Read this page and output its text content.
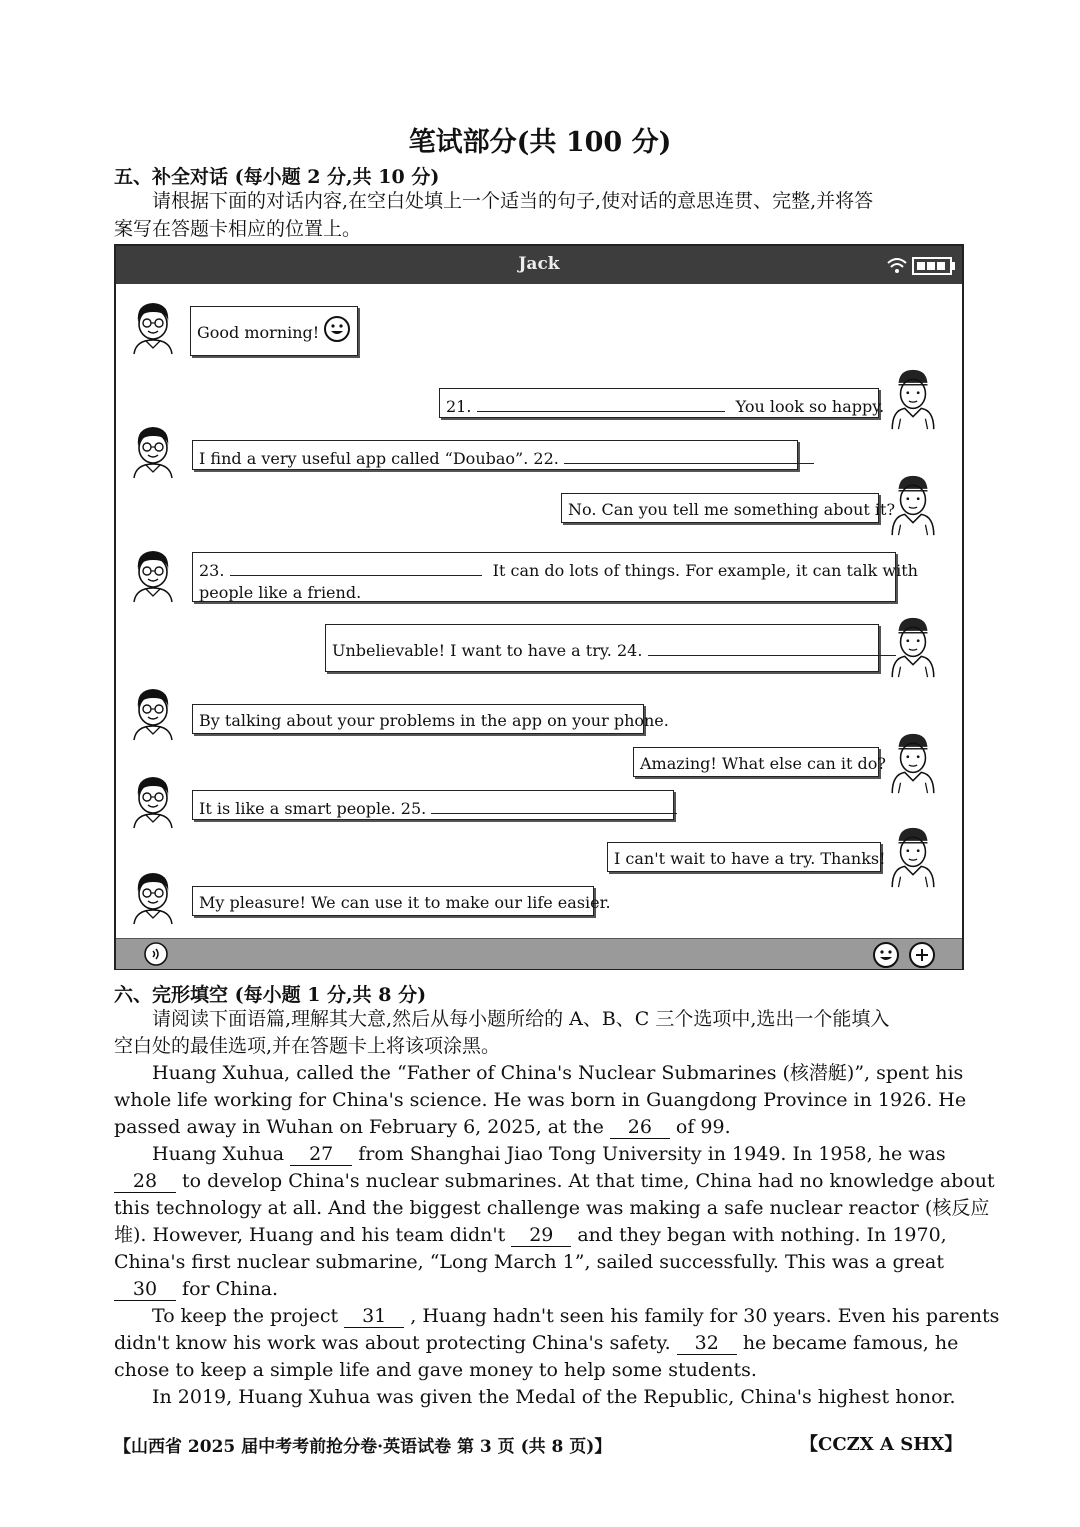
笔试部分(共 100 分)
五、补全对话 (每小题 2 分,共 10 分)
请根据下面的对话内容,在空白处填上一个适当的句子,使对话的意思连贯、完整,并将答
案写在答题卡相应的位置上。
Jack
Good morning!
21.	You look so happy.
I find a very useful app called “Doubao”. 22.
No. Can you tell me something about it?
23.	It can do lots of things. For example, it can talk with
people like a friend.
Unbelievable! I want to have a try. 24.
By talking about your problems in the app on your phone.
Amazing! What else can it do?
It is like a smart people. 25.
I can't wait to have a try. Thanks!
My pleasure! We can use it to make our life easier.
六、完形填空 (每小题 1 分,共 8 分)
请阅读下面语篇,理解其大意,然后从每小题所给的 A、B、C 三个选项中,选出一个能填入
空白处的最佳选项,并在答题卡上将该项涂黑。
Huang Xuhua, called the “Father of China's Nuclear Submarines (核潜艇)”, spent his
whole life working for China's science. He was born in Guangdong Province in 1926. He
passed away in Wuhan on February 6, 2025, at the 26 of 99.
Huang Xuhua 27 from Shanghai Jiao Tong University in 1949. In 1958, he was
28 to develop China's nuclear submarines. At that time, China had no knowledge about
this technology at all. And the biggest challenge was making a safe nuclear reactor (核反应
堆). However, Huang and his team didn't 29 and they began with nothing. In 1970,
China's first nuclear submarine, “Long March 1”, sailed successfully. This was a great
30 for China.
To keep the project 31 , Huang hadn't seen his family for 30 years. Even his parents
didn't know his work was about protecting China's safety. 32 he became famous, he
chose to keep a simple life and gave money to help some students.
In 2019, Huang Xuhua was given the Medal of the Republic, China's highest honor.
【山西省 2025 届中考考前抢分卷·英语试卷 第 3 页 (共 8 页)】	【CCZX A SHX】
